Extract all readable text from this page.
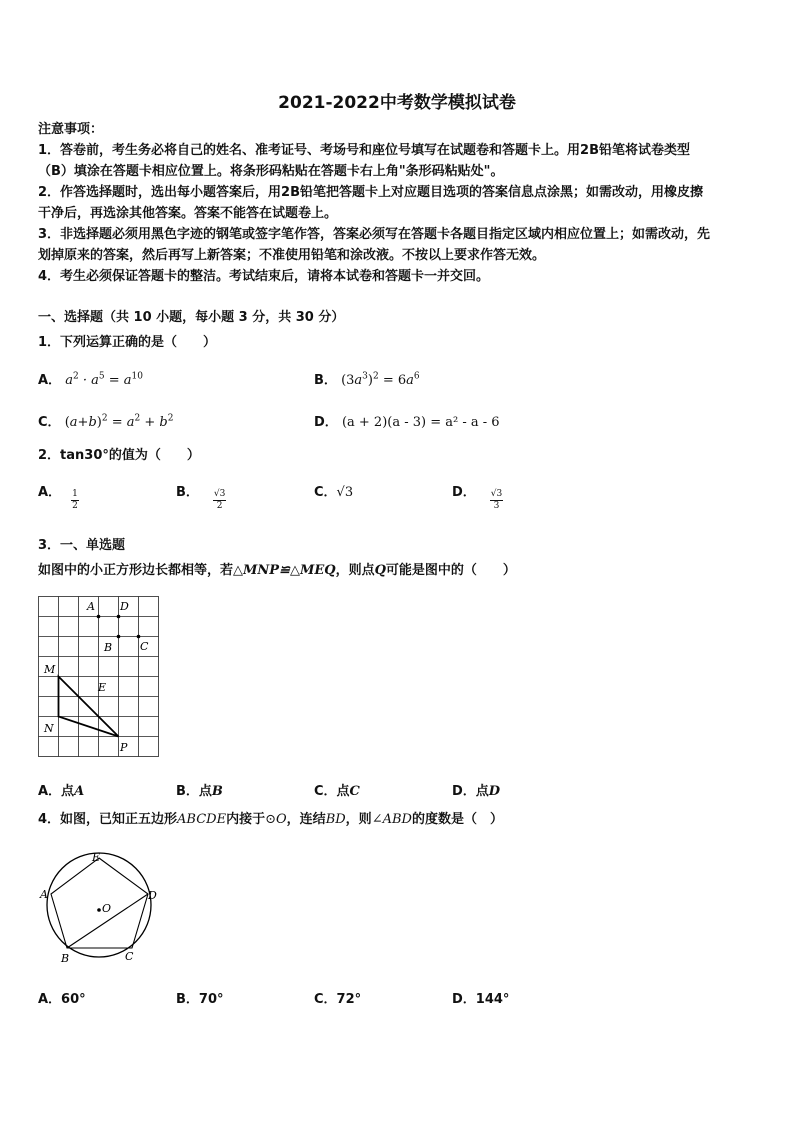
2021-2022中考数学模拟试卷
注意事项：
1．答卷前，考生务必将自己的姓名、准考证号、考场号和座位号填写在试题卷和答题卡上。用2B铅笔将试卷类型
（B）填涂在答题卡相应位置上。将条形码粘贴在答题卡右上角"条形码粘贴处"。
2．作答选择题时，选出每小题答案后，用2B铅笔把答题卡上对应题目选项的答案信息点涂黑；如需改动，用橡皮擦
干净后，再选涂其他答案。答案不能答在试题卷上。
3．非选择题必须用黑色字迹的钢笔或签字笔作答，答案必须写在答题卡各题目指定区域内相应位置上；如需改动，先
划掉原来的答案，然后再写上新答案；不准使用铅笔和涂改液。不按以上要求作答无效。
4．考生必须保证答题卡的整洁。考试结束后，请将本试卷和答题卡一并交回。
一、选择题（共 10 小题，每小题 3 分，共 30 分）
1．下列运算正确的是（　　）
A． $a^2 \cdot a^5 = a^{10}$	B． $(3a^3)^2 = 6a^6$
C． $(a+b)^2 = a^2 + b^2$	D． (a + 2)(a - 3) = a² - a - 6
2．tan30°的值为（　　）
A． $\frac{1}{2}$	B． $\frac{√3}{2}$	C．√3	D． $\frac{√3}{3}$
3．一、单选题
如图中的小正方形边长都相等，若△MNP≌△MEQ，则点Q可能是图中的（　　）
A D
B	C
M
E
N
P
A．点A	B．点B	C．点C	D．点D
4．如图，已知正五边形ABCDE内接于⊙O，连结BD，则∠ABD的度数是（　）
E
A	D
O
B	C
A．60°	B．70°	C．72°	D．144°
